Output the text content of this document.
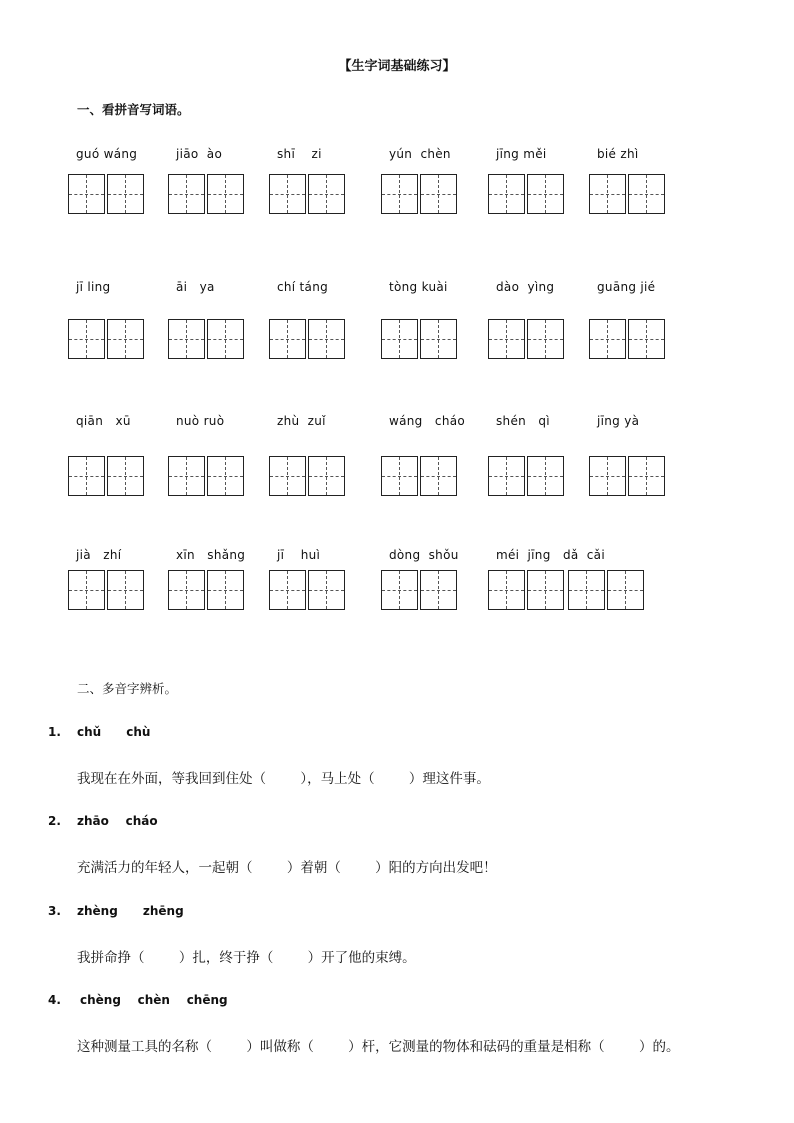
【生字词基础练习】
一、看拼音写词语。
guó wáng	jiāo  ào	shī    zi	yún  chèn	jīng měi	bié zhì
jī ling	āi   ya	chí táng	tòng kuài	dào  yìng	guāng jié
qiān   xū	nuò ruò	zhù  zuǐ	wáng   cháo	shén   qì	jīng yà
jià   zhí	xīn   shǎng	jī    huì	dòng  shǒu	méi  jīng   dǎ  cǎi
二、多音字辨析。
1. chǔ      chù
我现在在外面，等我回到住处（        ），马上处（        ）理这件事。
2. zhāo    cháo
充满活力的年轻人，一起朝（        ）着朝（        ）阳的方向出发吧！
3. zhèng      zhēng
我拼命挣（        ）扎，终于挣（        ）开了他的束缚。
4. chèng    chèn    chēng
这种测量工具的名称（        ）叫做称（        ）杆，它测量的物体和砝码的重量是相称（        ）的。
